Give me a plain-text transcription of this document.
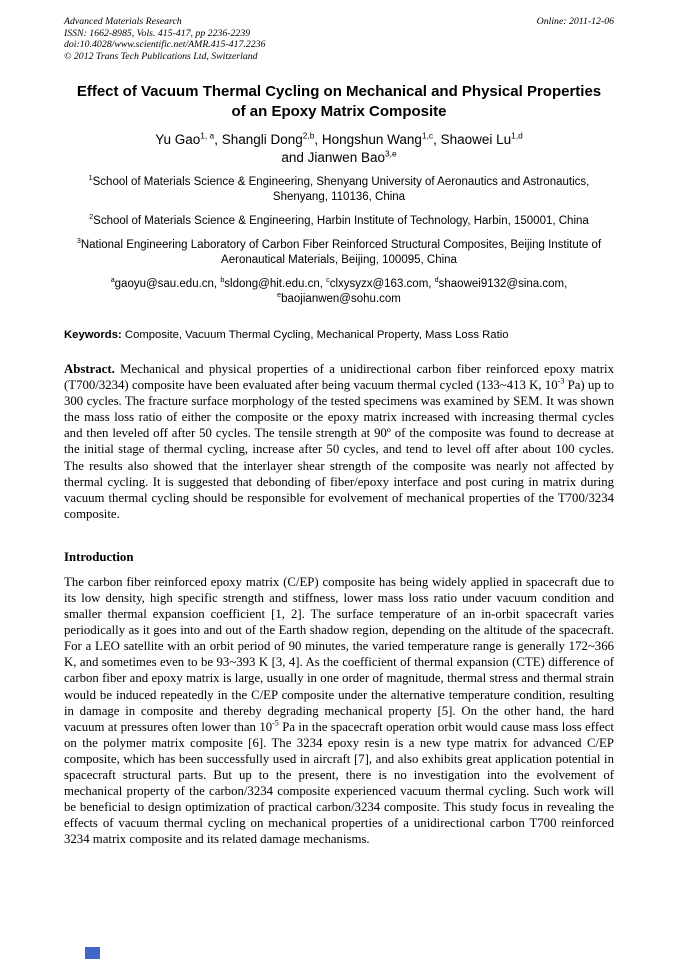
Advanced Materials Research	Online: 2011-12-06
ISSN: 1662-8985, Vols. 415-417, pp 2236-2239
doi:10.4028/www.scientific.net/AMR.415-417.2236
© 2012 Trans Tech Publications Ltd, Switzerland
Effect of Vacuum Thermal Cycling on Mechanical and Physical Properties of an Epoxy Matrix Composite
Yu Gao$^{1, a}$, Shangli Dong$^{2,b}$, Hongshun Wang$^{1,c}$, Shaowei Lu$^{1,d}$
and Jianwen Bao$^{3,e}$
$^1$School of Materials Science & Engineering, Shenyang University of Aeronautics and Astronautics, Shenyang, 110136, China
$^2$School of Materials Science & Engineering, Harbin Institute of Technology, Harbin, 150001, China
$^3$National Engineering Laboratory of Carbon Fiber Reinforced Structural Composites, Beijing Institute of Aeronautical Materials, Beijing, 100095, China
$^a$gaoyu@sau.edu.cn, $^b$sldong@hit.edu.cn, $^c$clxysyzx@163.com, $^d$shaowei9132@sina.com,
$^e$baojianwen@sohu.com
Keywords: Composite, Vacuum Thermal Cycling, Mechanical Property, Mass Loss Ratio

Abstract. Mechanical and physical properties of a unidirectional carbon fiber reinforced epoxy matrix (T700/3234) composite have been evaluated after being vacuum thermal cycled (133~413 K, $10^{-3}$ Pa) up to 300 cycles. The fracture surface morphology of the tested specimens was examined by SEM. It was shown the mass loss ratio of either the composite or the epoxy matrix increased with increasing thermal cycles and then leveled off after 50 cycles. The tensile strength at 90º of the composite was found to decrease at the initial stage of thermal cycling, increase after 50 cycles, and tend to level off after about 100 cycles. The results also showed that the interlayer shear strength of the composite was nearly not affected by thermal cycling. It is suggested that debonding of fiber/epoxy interface and post curing in matrix during vacuum thermal cycling should be responsible for evolvement of mechanical properties of the T700/3234 composite.

Introduction

The carbon fiber reinforced epoxy matrix (C/EP) composite has being widely applied in spacecraft due to its low density, high specific strength and stiffness, lower mass loss ratio under vacuum condition and smaller thermal expansion coefficient [1, 2]. The surface temperature of an in-orbit spacecraft varies periodically as it goes into and out of the Earth shadow region, depending on the altitude of the spacecraft. For a LEO satellite with an orbit period of 90 minutes, the varied temperature range is generally 172~366 K, and sometimes even to be 93~393 K [3, 4]. As the coefficient of thermal expansion (CTE) difference of carbon fiber and epoxy matrix is large, usually in one order of magnitude, thermal stress and thermal strain would be induced repeatedly in the C/EP composite under the alternative temperature condition, resulting in damage in composite and thereby degrading mechanical property [5]. On the other hand, the hard vacuum at pressures often lower than $10^{-5}$ Pa in the spacecraft operation orbit would cause mass loss effect on the polymer matrix composite [6]. The 3234 epoxy resin is a new type matrix for advanced C/EP composite, which has been successfully used in aircraft [7], and also exhibits great application potential in spacecraft structural parts. But up to the present, there is no investigation into the evolvement of mechanical property of the carbon/3234 composite experienced vacuum thermal cycling. Such work will be beneficial to design optimization of practical carbon/3234 composite. This study focus in revealing the effects of vacuum thermal cycling on mechanical properties of a unidirectional carbon T700 reinforced 3234 matrix composite and its related damage mechanisms.
